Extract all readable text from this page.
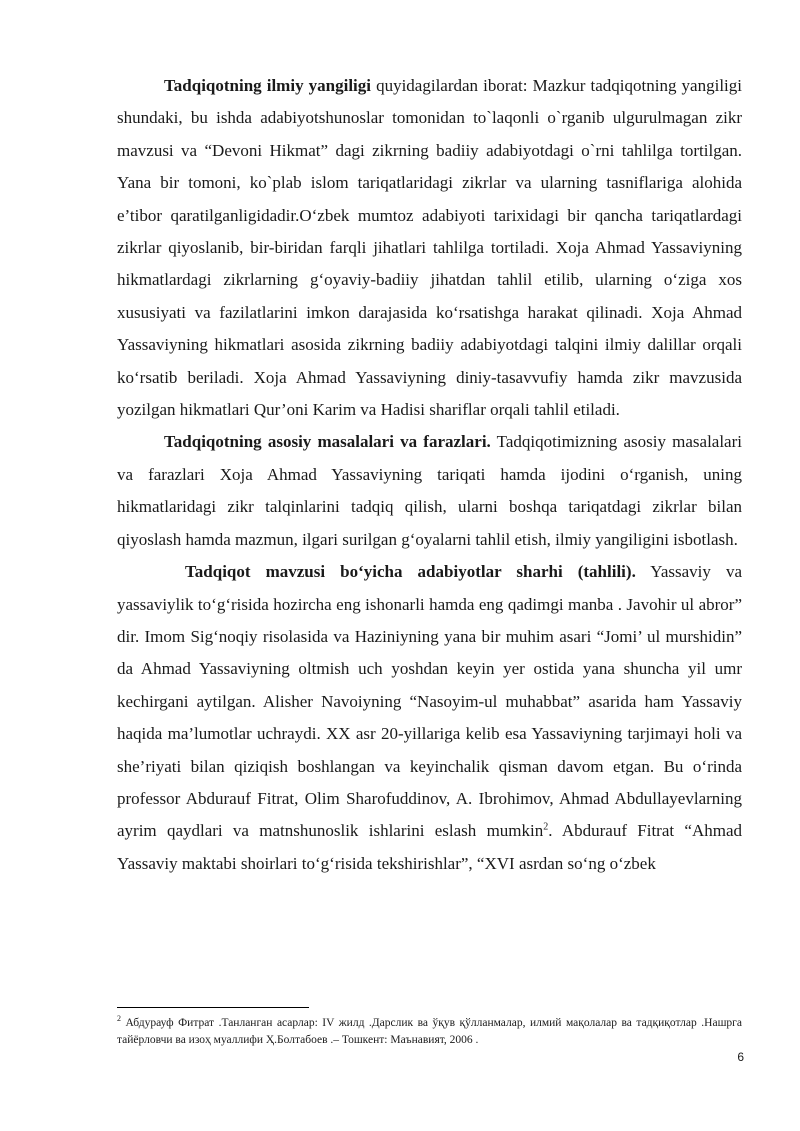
Tadqiqotning ilmiy yangiligi quyidagilardan iborat: Mazkur tadqiqotning yangiligi shundaki, bu ishda adabiyotshunoslar tomonidan to`laqonli o`rganib ulgurulmagan zikr mavzusi va “Devoni Hikmat” dagi zikrning badiiy adabiyotdagi o`rni tahlilga tortilgan. Yana bir tomoni, ko`plab islom tariqatlaridagi zikrlar va ularning tasniflariga alohida e’tibor qaratilganligidadir.O‘zbek mumtoz adabiyoti tarixidagi bir qancha tariqatlardagi zikrlar qiyoslanib, bir-biridan farqli jihatlari tahlilga tortiladi. Xoja Ahmad Yassaviyning hikmatlardagi zikrlarning g‘oyaviy-badiiy jihatdan tahlil etilib, ularning o‘ziga xos xususiyati va fazilatlarini imkon darajasida ko‘rsatishga harakat qilinadi. Xoja Ahmad Yassaviyning hikmatlari asosida zikrning badiiy adabiyotdagi talqini ilmiy dalillar orqali ko‘rsatib beriladi. Xoja Ahmad Yassaviyning diniy-tasavvufiy hamda zikr mavzusida yozilgan hikmatlari Qur’oni Karim va Hadisi shariflar orqali tahlil etiladi.

Tadqiqotning asosiy masalalari va farazlari. Tadqiqotimizning asosiy masalalari va farazlari Xoja Ahmad Yassaviyning tariqati hamda ijodini o‘rganish, uning hikmatlaridagi zikr talqinlarini tadqiq qilish, ularni boshqa tariqatdagi zikrlar bilan qiyoslash hamda mazmun, ilgari surilgan g‘oyalarni tahlil etish, ilmiy yangiligini isbotlash.

Tadqiqot mavzusi bo‘yicha adabiyotlar sharhi (tahlili). Yassaviy va yassaviylik to‘g‘risida hozircha eng ishonarli hamda eng qadimgi manba . Javohir ul abror” dir. Imom Sig‘noqiy risolasida va Haziniyning yana bir muhim asari “Jomi’ ul murshidin” da Ahmad Yassaviyning oltmish uch yoshdan keyin yer ostida yana shuncha yil umr kechirgani aytilgan. Alisher Navoiyning “Nasoyim-ul muhabbat” asarida ham Yassaviy haqida ma’lumotlar uchraydi. XX asr 20-yillariga kelib esa Yassaviyning tarjimayi holi va she’riyati bilan qiziqish boshlangan va keyinchalik qisman davom etgan. Bu o‘rinda professor Abdurauf Fitrat, Olim Sharofuddinov, A. Ibrohimov, Ahmad Abdullayevlarning ayrim qaydlari va matnshunoslik ishlarini eslash mumkin$^2$. Abdurauf Fitrat “Ahmad Yassaviy maktabi shoirlari to‘g‘risida tekshirishlar”, “XVI asrdan so‘ng o‘zbek

$^2$ Абдурауф Фитрат .Танланган асарлар: IV жилд .Дарслик ва ўқув қўлланмалар, илмий мақолалар ва тадқиқотлар .Нашрга тайёрловчи ва изоҳ муаллифи Ҳ.Болтабоев .– Тошкент: Маънавият, 2006 .
6
